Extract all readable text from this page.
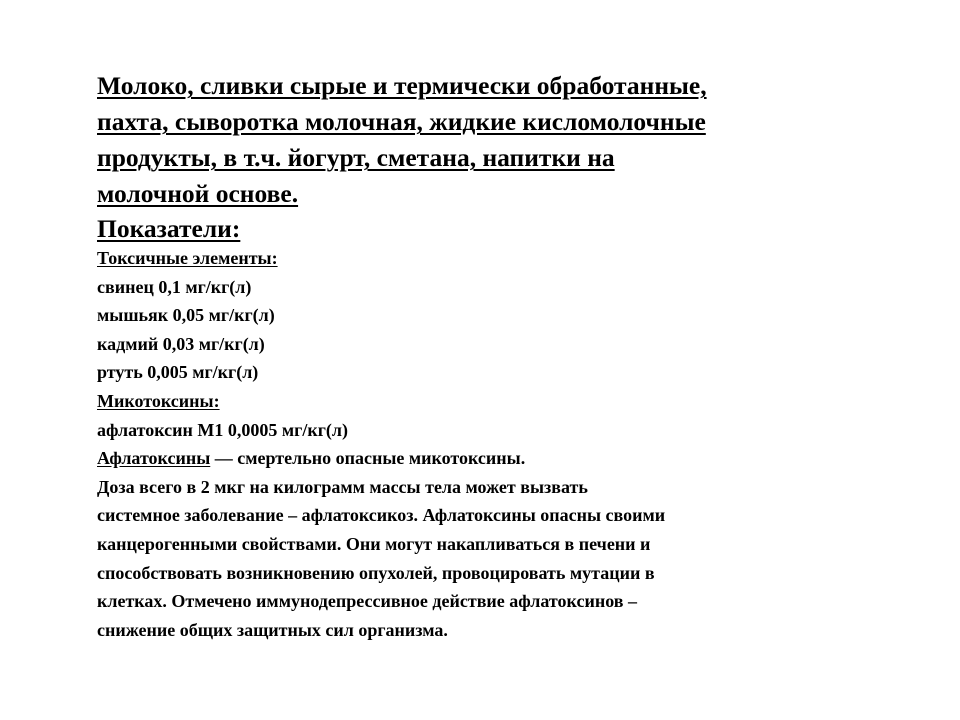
Молоко, сливки сырые и термически обработанные,
пахта, сыворотка молочная, жидкие кисломолочные
продукты, в т.ч. йогурт, сметана, напитки на
молочной основе.
Показатели:
Токсичные элементы:
свинец 0,1 мг/кг(л)
мышьяк 0,05 мг/кг(л)
кадмий 0,03 мг/кг(л)
ртуть 0,005 мг/кг(л)
Микотоксины:
афлатоксин М1 0,0005 мг/кг(л)
Афлатоксины — смертельно опасные микотоксины.
Доза всего в 2 мкг на килограмм массы тела может вызвать
системное заболевание – афлатоксикоз. Афлатоксины опасны своими
канцерогенными свойствами. Они могут накапливаться в печени и
способствовать возникновению опухолей, провоцировать мутации в
клетках. Отмечено иммунодепрессивное действие афлатоксинов –
снижение общих защитных сил организма.
